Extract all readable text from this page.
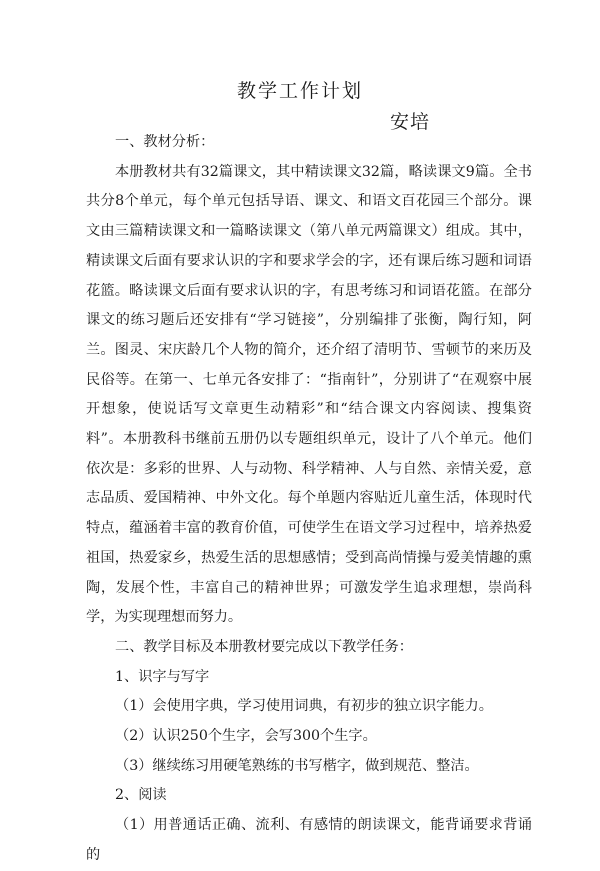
教学工作计划
安培

一、教材分析：

本册教材共有32篇课文，其中精读课文32篇，略读课文9篇。全书共分8个单元，每个单元包括导语、课文、和语文百花园三个部分。课文由三篇精读课文和一篇略读课文（第八单元两篇课文）组成。其中，精读课文后面有要求认识的字和要求学会的字，还有课后练习题和词语花篮。略读课文后面有要求认识的字，有思考练习和词语花篮。在部分课文的练习题后还安排有“学习链接”，分别编排了张衡，陶行知，阿兰。图灵、宋庆龄几个人物的简介，还介绍了清明节、雪顿节的来历及民俗等。在第一、七单元各安排了：“指南针”，分别讲了“在观察中展开想象，使说话写文章更生动精彩”和“结合课文内容阅读、搜集资料”。本册教科书继前五册仍以专题组织单元，设计了八个单元。他们依次是：多彩的世界、人与动物、科学精神、人与自然、亲情关爱，意志品质、爱国精神、中外文化。每个单题内容贴近儿童生活，体现时代特点，蕴涵着丰富的教育价值，可使学生在语文学习过程中，培养热爱祖国，热爱家乡，热爱生活的思想感情；受到高尚情操与爱美情趣的熏陶，发展个性，丰富自己的精神世界；可激发学生追求理想，崇尚科学，为实现理想而努力。

二、教学目标及本册教材要完成以下教学任务：

1、识字与写字

（1）会使用字典，学习使用词典，有初步的独立识字能力。

（2）认识250个生字，会写300个生字。

（3）继续练习用硬笔熟练的书写楷字，做到规范、整洁。

2、阅读

（1）用普通话正确、流利、有感情的朗读课文，能背诵要求背诵的
